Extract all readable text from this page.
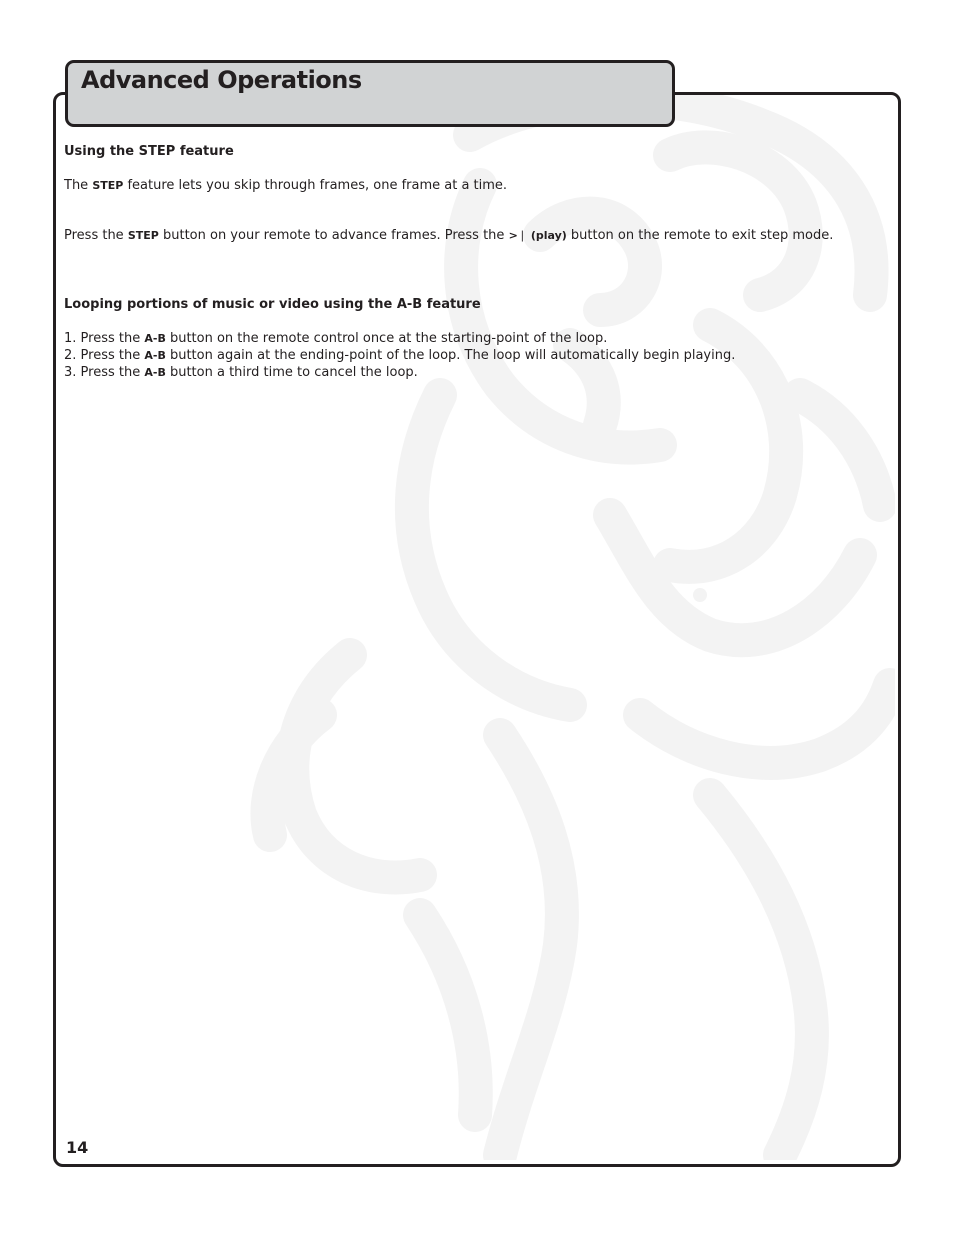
Advanced Operations

Using the STEP feature

The STEP feature lets you skip through frames, one frame at a time.

Press the STEP button on your remote to advance frames. Press the >❘ (play) button on the remote to exit step mode.

Looping portions of music or video using the A-B feature

1. Press the A-B button on the remote control once at the starting-point of the loop.

2. Press the A-B button again at the ending-point of the loop. The loop will automatically begin playing.

3. Press the A-B button a third time to cancel the loop.

14
